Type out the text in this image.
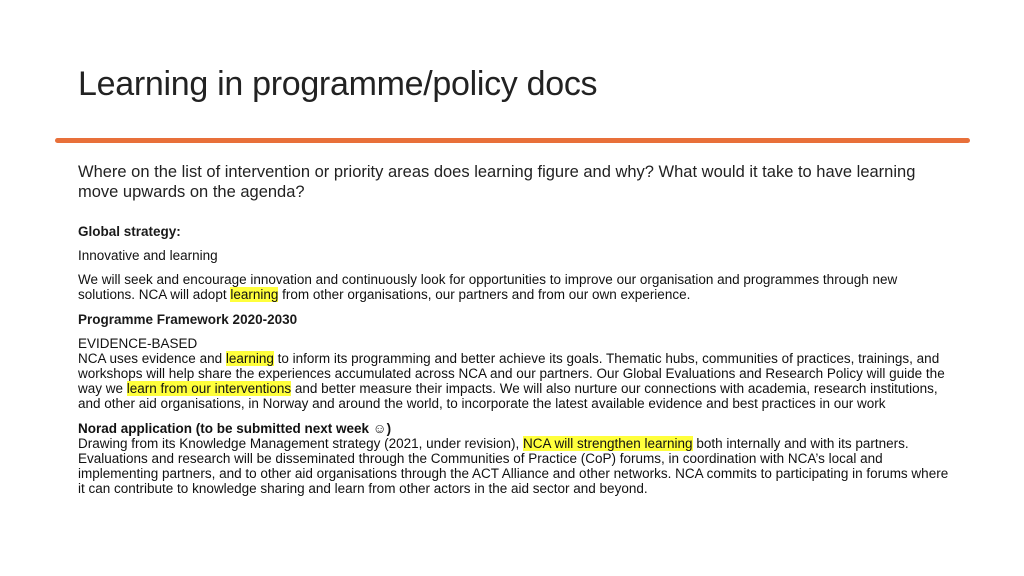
Learning in programme/policy docs
Where on the list of intervention or priority areas does learning figure and why? What would it take to have learning move upwards on the agenda?
Global strategy:
Innovative and learning
We will seek and encourage innovation and continuously look for opportunities to improve our organisation and programmes through new solutions. NCA will adopt learning from other organisations, our partners and from our own experience.
Programme Framework 2020-2030
EVIDENCE-BASED
NCA uses evidence and learning to inform its programming and better achieve its goals. Thematic hubs, communities of practices, trainings, and workshops will help share the experiences accumulated across NCA and our partners. Our Global Evaluations and Research Policy will guide the way we learn from our interventions and better measure their impacts. We will also nurture our connections with academia, research institutions, and other aid organisations, in Norway and around the world, to incorporate the latest available evidence and best practices in our work
Norad application (to be submitted next week ☺)
Drawing from its Knowledge Management strategy (2021, under revision), NCA will strengthen learning both internally and with its partners. Evaluations and research will be disseminated through the Communities of Practice (CoP) forums, in coordination with NCA’s local and implementing partners, and to other aid organisations through the ACT Alliance and other networks. NCA commits to participating in forums where it can contribute to knowledge sharing and learn from other actors in the aid sector and beyond.
